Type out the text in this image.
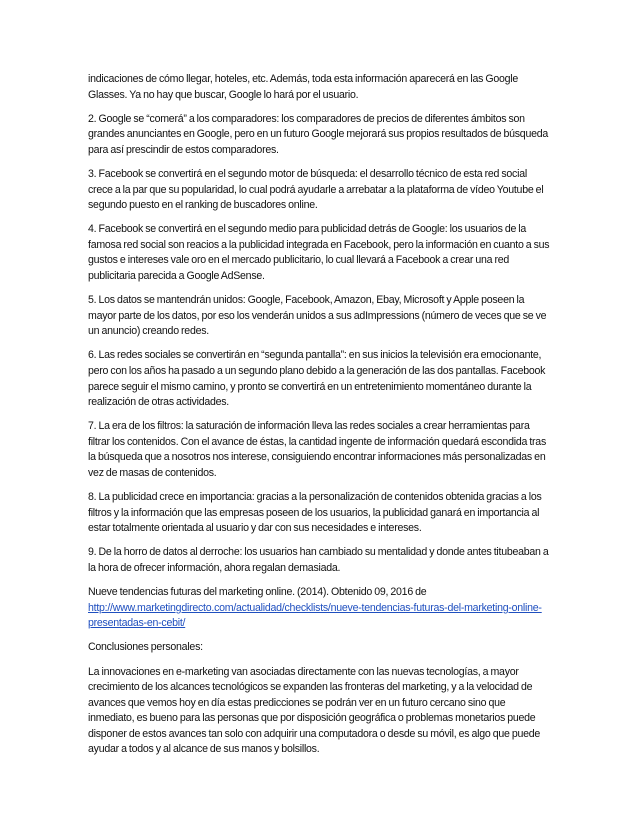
indicaciones de cómo llegar, hoteles, etc. Además, toda esta información aparecerá en las Google Glasses. Ya no hay que buscar, Google lo hará por el usuario.

2. Google se “comerá” a los comparadores: los comparadores de precios de diferentes ámbitos son grandes anunciantes en Google, pero en un futuro Google mejorará sus propios resultados de búsqueda para así prescindir de estos comparadores.

3. Facebook se convertirá en el segundo motor de búsqueda: el desarrollo técnico de esta red social crece a la par que su popularidad, lo cual podrá ayudarle a arrebatar a la plataforma de vídeo Youtube el segundo puesto en el ranking de buscadores online.

4. Facebook se convertirá en el segundo medio para publicidad detrás de Google: los usuarios de la famosa red social son reacios a la publicidad integrada en Facebook, pero la información en cuanto a sus gustos e intereses vale oro en el mercado publicitario, lo cual llevará a Facebook a crear una red publicitaria parecida a Google AdSense.

5. Los datos se mantendrán unidos: Google, Facebook, Amazon, Ebay, Microsoft y Apple poseen la mayor parte de los datos, por eso los venderán unidos a sus adImpressions (número de veces que se ve un anuncio) creando redes.

6. Las redes sociales se convertirán en “segunda pantalla”: en sus inicios la televisión era emocionante, pero con los años ha pasado a un segundo plano debido a la generación de las dos pantallas. Facebook parece seguir el mismo camino, y pronto se convertirá en un entretenimiento momentáneo durante la realización de otras actividades.

7. La era de los filtros: la saturación de información lleva las redes sociales a crear herramientas para filtrar los contenidos. Con el avance de éstas, la cantidad ingente de información quedará escondida tras la búsqueda que a nosotros nos interese, consiguiendo encontrar informaciones más personalizadas en vez de masas de contenidos.

8. La publicidad crece en importancia: gracias a la personalización de contenidos obtenida gracias a los filtros y la información que las empresas poseen de los usuarios, la publicidad ganará en importancia al estar totalmente orientada al usuario y dar con sus necesidades e intereses.

9. De la horro de datos al derroche: los usuarios han cambiado su mentalidad y donde antes titubeaban a la hora de ofrecer información, ahora regalan demasiada.

Nueve tendencias futuras del marketing online. (2014). Obtenido 09, 2016 de
http://www.marketingdirecto.com/actualidad/checklists/nueve-tendencias-futuras-del-marketing-online-presentadas-en-cebit/

Conclusiones personales:

La innovaciones en e-marketing van asociadas directamente con las nuevas tecnologías, a mayor crecimiento de los alcances tecnológicos se expanden las fronteras del marketing, y a la velocidad de avances que vemos hoy en día estas predicciones se podrán ver en un futuro cercano sino que inmediato, es bueno para las personas que por disposición geográfica o problemas monetarios puede disponer de estos avances tan solo con adquirir una computadora o desde su móvil, es algo que puede ayudar a todos y al alcance de sus manos y bolsillos.
